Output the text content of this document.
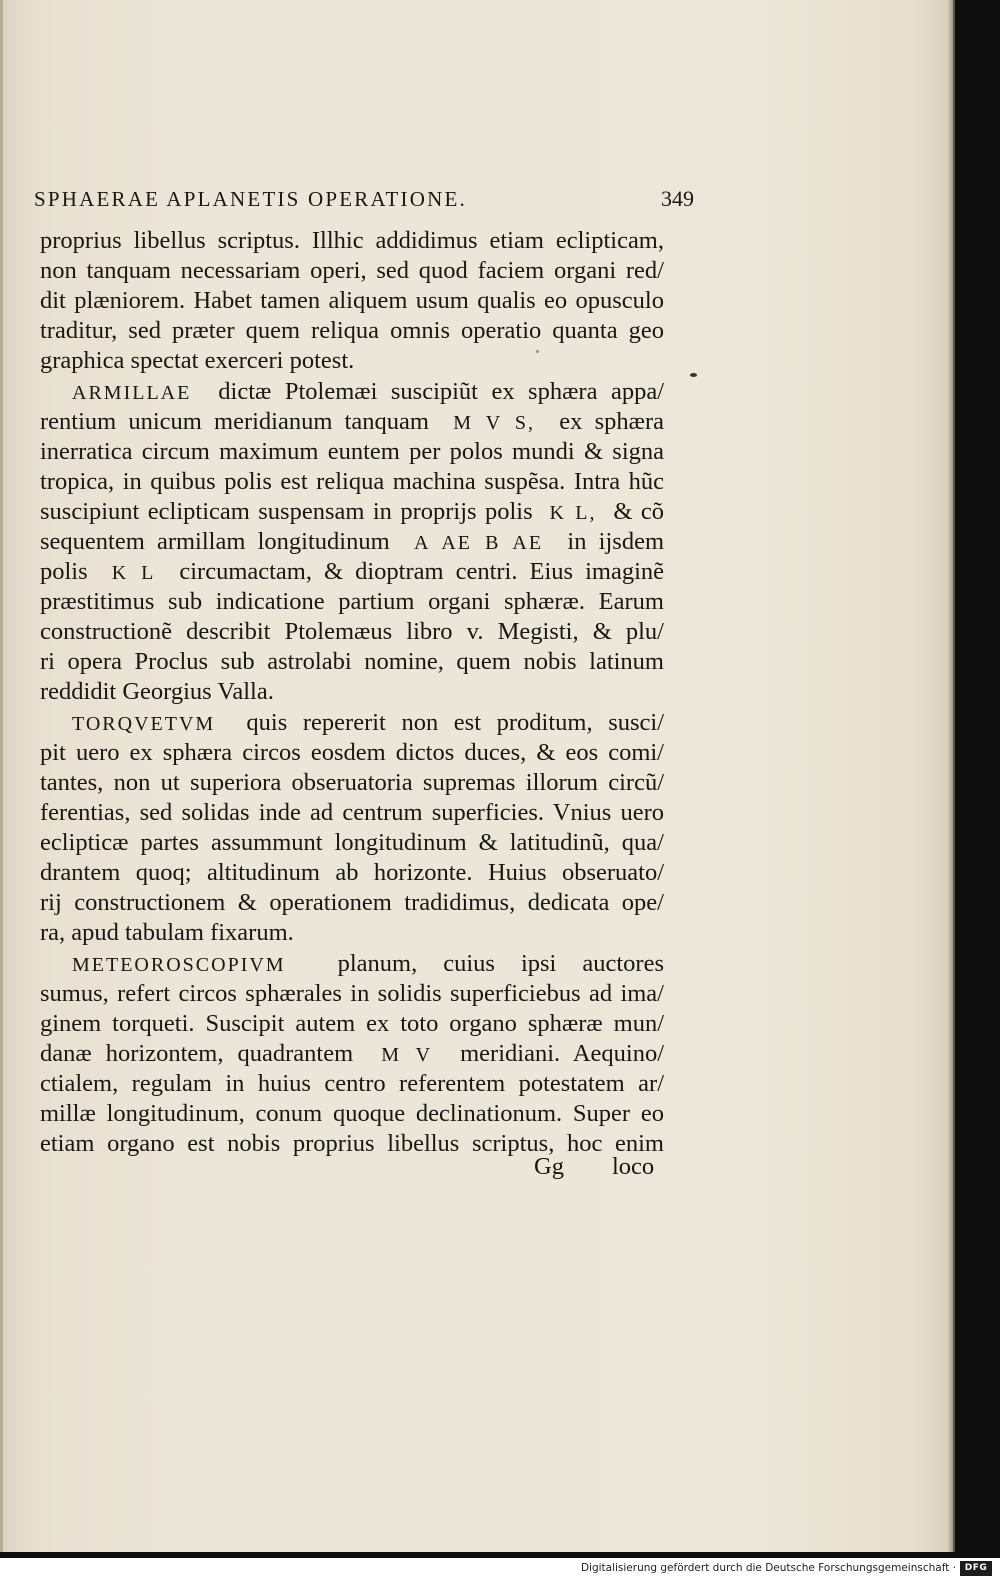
SPHAERAE APLANETIS OPERATIONE.	349
proprius libellus scriptus. Illhic addidimus etiam eclipticam,
non tanquam necessariam operi, sed quod faciem organi red/
dit plæniorem. Habet tamen aliquem usum qualis eo opusculo
traditur, sed præter quem reliqua omnis operatio quanta geo
graphica spectat exerceri potest.
ARMILLAE dictæ Ptolemæi suscipiũt ex sphæra appa/
rentium unicum meridianum tanquam M V S, ex sphæra
inerratica circum maximum euntem per polos mundi & signa
tropica, in quibus polis est reliqua machina suspẽsa. Intra hũc
suscipiunt eclipticam suspensam in proprijs polis K L, & cõ
sequentem armillam longitudinum A AE B AE in ijsdem
polis K L circumactam, & dioptram centri. Eius imaginẽ
præstitimus sub indicatione partium organi sphæræ. Earum
constructionẽ describit Ptolemæus libro v. Megisti, & plu/
ri opera Proclus sub astrolabi nomine, quem nobis latinum
reddidit Georgius Valla.
TORQVETVM quis repererit non est proditum, susci/
pit uero ex sphæra circos eosdem dictos duces, & eos comi/
tantes, non ut superiora obseruatoria supremas illorum circũ/
ferentias, sed solidas inde ad centrum superficies. Vnius uero
eclipticæ partes assummunt longitudinum & latitudinũ, qua/
drantem quoq; altitudinum ab horizonte. Huius obseruato/
rij constructionem & operationem tradidimus, dedicata ope/
ra, apud tabulam fixarum.
METEOROSCOPIVM planum, cuius ipsi auctores
sumus, refert circos sphærales in solidis superficiebus ad ima/
ginem torqueti. Suscipit autem ex toto organo sphæræ mun/
danæ horizontem, quadrantem M V meridiani. Aequino/
ctialem, regulam in huius centro referentem potestatem ar/
millæ longitudinum, conum quoque declinationum. Super eo
etiam organo est nobis proprius libellus scriptus, hoc enim
Gg loco
Digitalisierung gefördert durch die Deutsche Forschungsgemeinschaft · DFG
